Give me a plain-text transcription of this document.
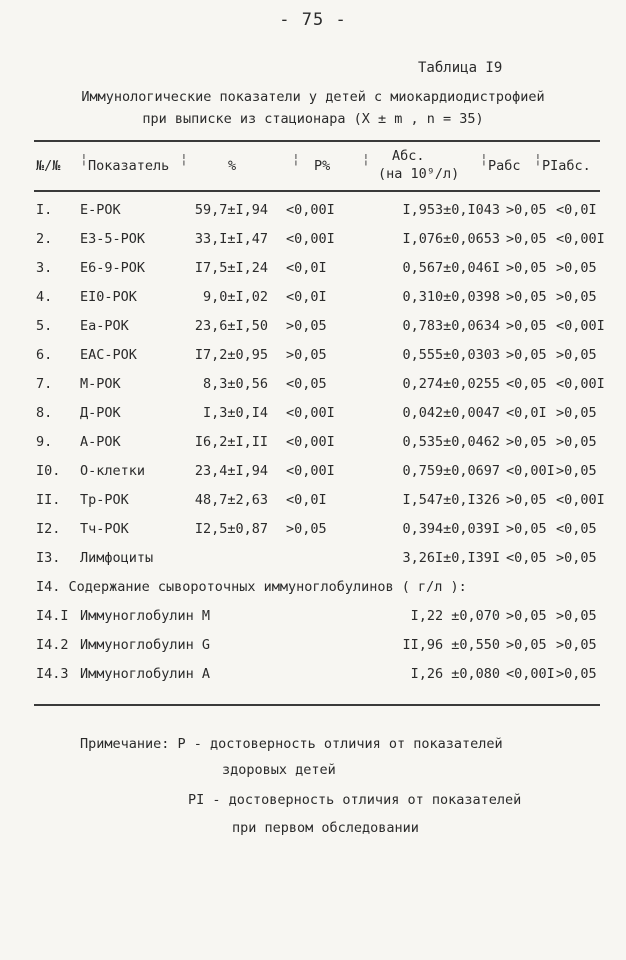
- 75 -
Таблица I9
Иммунологические показатели у детей с миокардиодистрофией
при выписке из стационара (X ± m , n = 35)
№/№ ¦ Показатель ¦	%	¦ P% ¦ Абс.
(на 10⁹/л)
¦ Pабс ¦ PIабс.
I. Е-РОК	59,7±I,94 <0,00I	I,953±0,I043 >0,05 <0,0I
2. Е3-5-РОК	33,I±I,47 <0,00I	I,076±0,0653 >0,05 <0,00I
3. Е6-9-РОК	I7,5±I,24 <0,0I	0,567±0,046I >0,05 >0,05
4. ЕI0-РОК	9,0±I,02 <0,0I	0,310±0,0398 >0,05 >0,05
5. Еа-РОК	23,6±I,50 >0,05	0,783±0,0634 >0,05 <0,00I
6. ЕАС-РОК	I7,2±0,95 >0,05	0,555±0,0303 >0,05 >0,05
7. М-РОК	8,3±0,56 <0,05	0,274±0,0255 <0,05 <0,00I
8. Д-РОК	I,3±0,I4 <0,00I	0,042±0,0047 <0,0I >0,05
9. А-РОК	I6,2±I,II <0,00I	0,535±0,0462 >0,05 >0,05
I0. О-клетки	23,4±I,94 <0,00I	0,759±0,0697 <0,00I >0,05
II. Тр-РОК	48,7±2,63 <0,0I	I,547±0,I326 >0,05 <0,00I
I2. Тч-РОК	I2,5±0,87 >0,05	0,394±0,039I >0,05 <0,05
I3. Лимфоциты	3,26I±0,I39I <0,05 >0,05
I4. Содержание сывороточных иммуноглобулинов ( г/л ):
I4.I Иммуноглобулин М	I,22 ±0,070 >0,05 >0,05
I4.2 Иммуноглобулин G	II,96 ±0,550 >0,05 >0,05
I4.3 Иммуноглобулин А	I,26 ±0,080 <0,00I >0,05
Примечание: Р - достоверность отличия от показателей
здоровых детей
РI - достоверность отличия от показателей
при первом обследовании
